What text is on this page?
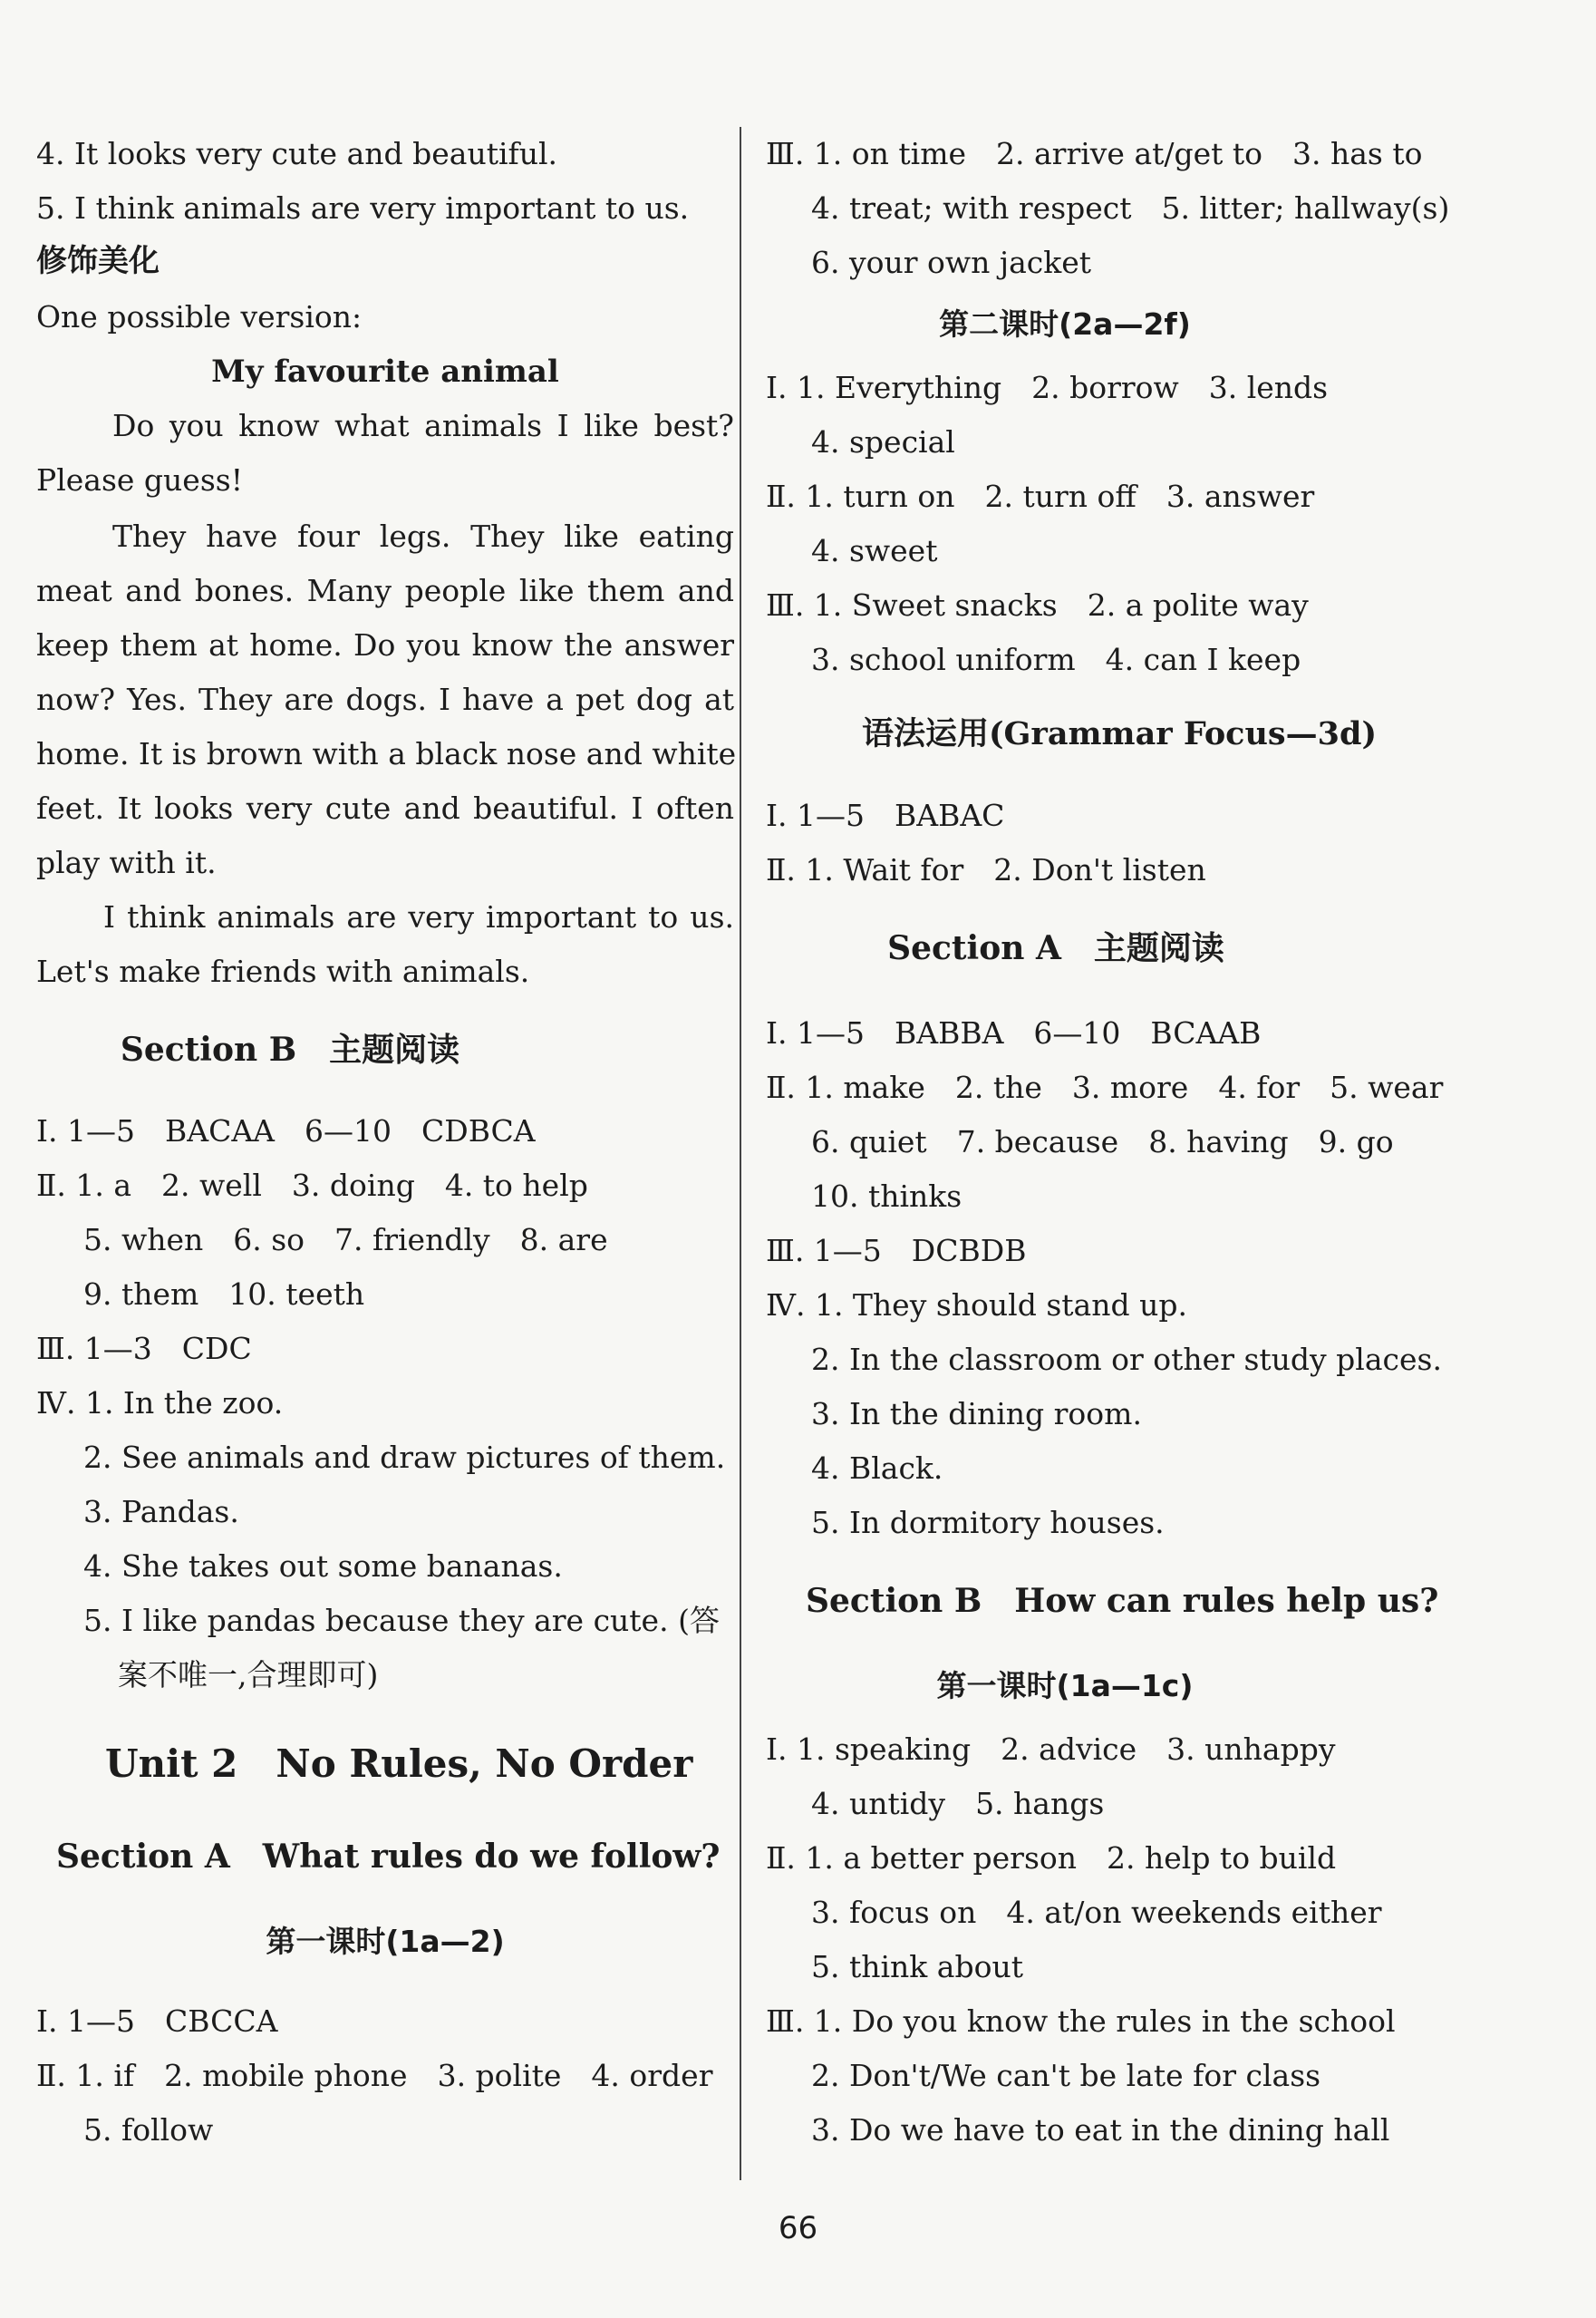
4. It looks very cute and beautiful.
5. I think animals are very important to us.
修饰美化
One possible version:
My favourite animal
Do you know what animals I like best?
Please guess!
They have four legs. They like eating
meat and bones. Many people like them and
keep them at home. Do you know the answer
now? Yes. They are dogs. I have a pet dog at
home. It is brown with a black nose and white
feet. It looks very cute and beautiful. I often
play with it.
I think animals are very important to us.
Let's make friends with animals.
Section B　主题阅读
Ⅰ. 1—5　BACAA　6—10　CDBCA
Ⅱ. 1. a　2. well　3. doing　4. to help
5. when　6. so　7. friendly　8. are
9. them　10. teeth
Ⅲ. 1—3　CDC
Ⅳ. 1. In the zoo.
2. See animals and draw pictures of them.
3. Pandas.
4. She takes out some bananas.
5. I like pandas because they are cute. (答
案不唯一,合理即可)
Unit 2　No Rules, No Order
Section A　What rules do we follow?
第一课时(1a—2)
Ⅰ. 1—5　CBCCA
Ⅱ. 1. if　2. mobile phone　3. polite　4. order
5. follow
Ⅲ. 1. on time　2. arrive at/get to　3. has to
4. treat; with respect　5. litter; hallway(s)
6. your own jacket
第二课时(2a—2f)
Ⅰ. 1. Everything　2. borrow　3. lends
4. special
Ⅱ. 1. turn on　2. turn off　3. answer
4. sweet
Ⅲ. 1. Sweet snacks　2. a polite way
3. school uniform　4. can I keep
语法运用(Grammar Focus—3d)
Ⅰ. 1—5　BABAC
Ⅱ. 1. Wait for　2. Don't listen
Section A　主题阅读
Ⅰ. 1—5　BABBA　6—10　BCAAB
Ⅱ. 1. make　2. the　3. more　4. for　5. wear
6. quiet　7. because　8. having　9. go
10. thinks
Ⅲ. 1—5　DCBDB
Ⅳ. 1. They should stand up.
2. In the classroom or other study places.
3. In the dining room.
4. Black.
5. In dormitory houses.
Section B　How can rules help us?
第一课时(1a—1c)
Ⅰ. 1. speaking　2. advice　3. unhappy
4. untidy　5. hangs
Ⅱ. 1. a better person　2. help to build
3. focus on　4. at/on weekends either
5. think about
Ⅲ. 1. Do you know the rules in the school
2. Don't/We can't be late for class
3. Do we have to eat in the dining hall
66
